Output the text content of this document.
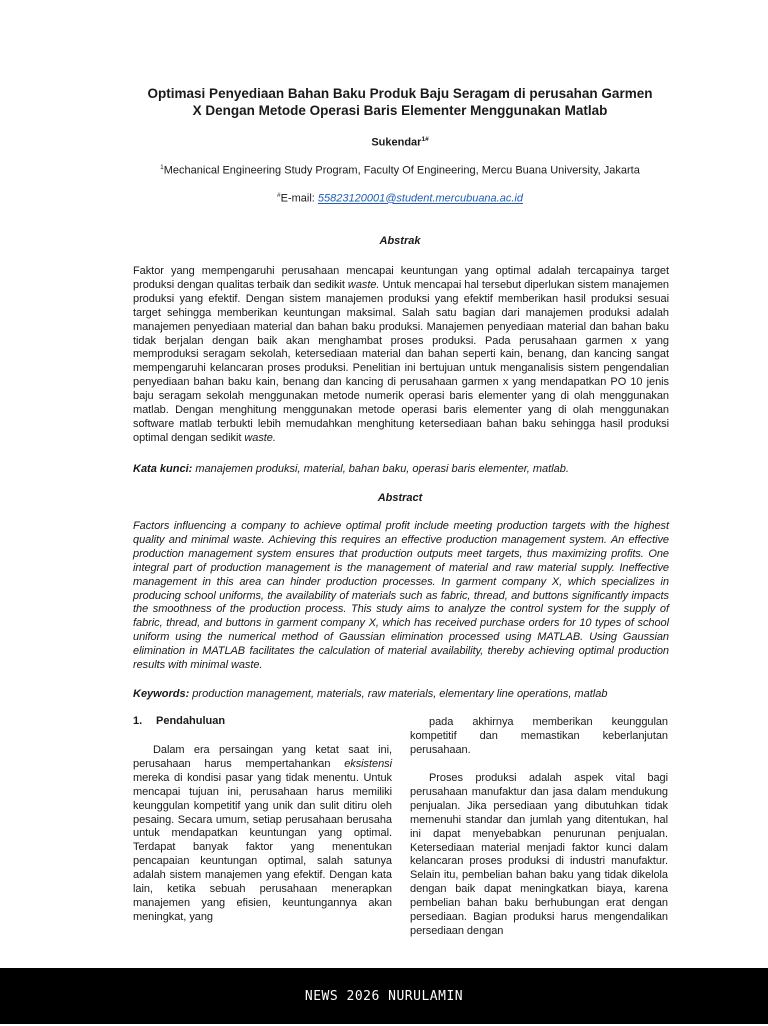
Optimasi Penyediaan Bahan Baku Produk Baju Seragam di perusahan Garmen
X Dengan Metode Operasi Baris Elementer Menggunakan Matlab
Sukendar$^{1\#}$
$^1$Mechanical Engineering Study Program, Faculty Of Engineering, Mercu Buana University, Jakarta
#E-mail: 55823120001@student.mercubuana.ac.id
Abstrak
Faktor yang mempengaruhi perusahaan mencapai keuntungan yang optimal adalah tercapainya target produksi dengan qualitas terbaik dan sedikit waste. Untuk mencapai hal tersebut diperlukan sistem manajemen produksi yang efektif. Dengan sistem manajemen produksi yang efektif memberikan hasil produksi sesuai target sehingga memberikan keuntungan maksimal. Salah satu bagian dari manajemen produksi adalah manajemen penyediaan material dan bahan baku produksi. Manajemen penyediaan material dan bahan baku tidak berjalan dengan baik akan menghambat proses produksi. Pada perusahaan garmen x yang memproduksi seragam sekolah, ketersediaan material dan bahan seperti kain, benang, dan kancing sangat mempengaruhi kelancaran proses produksi. Penelitian ini bertujuan untuk menganalisis sistem pengendalian penyediaan bahan baku kain, benang dan kancing di perusahaan garmen x yang mendapatkan PO 10 jenis baju seragam sekolah menggunakan metode numerik operasi baris elementer yang di olah menggunakan matlab. Dengan menghitung menggunakan metode operasi baris elementer yang di olah menggunakan software matlab terbukti lebih memudahkan menghitung ketersediaan bahan baku sehingga hasil produksi optimal dengan sedikit waste.
Kata kunci: manajemen produksi, material, bahan baku, operasi baris elementer, matlab.
Abstract
Factors influencing a company to achieve optimal profit include meeting production targets with the highest quality and minimal waste. Achieving this requires an effective production management system. An effective production management system ensures that production outputs meet targets, thus maximizing profits. One integral part of production management is the management of material and raw material supply. Ineffective management in this area can hinder production processes. In garment company X, which specializes in producing school uniforms, the availability of materials such as fabric, thread, and buttons significantly impacts the smoothness of the production process. This study aims to analyze the control system for the supply of fabric, thread, and buttons in garment company X, which has received purchase orders for 10 types of school uniform using the numerical method of Gaussian elimination processed using MATLAB. Using Gaussian elimination in MATLAB facilitates the calculation of material availability, thereby achieving optimal production results with minimal waste.
Keywords: production management, materials, raw materials, elementary line operations, matlab
1. Pendahuluan
Dalam era persaingan yang ketat saat ini, perusahaan harus mempertahankan eksistensi mereka di kondisi pasar yang tidak menentu. Untuk mencapai tujuan ini, perusahaan harus memiliki keunggulan kompetitif yang unik dan sulit ditiru oleh pesaing. Secara umum, setiap perusahaan berusaha untuk mendapatkan keuntungan yang optimal. Terdapat banyak faktor yang menentukan pencapaian keuntungan optimal, salah satunya adalah sistem manajemen yang efektif. Dengan kata lain, ketika sebuah perusahaan menerapkan manajemen yang efisien, keuntungannya akan meningkat, yang
pada akhirnya memberikan keunggulan kompetitif dan memastikan keberlanjutan perusahaan.
Proses produksi adalah aspek vital bagi perusahaan manufaktur dan jasa dalam mendukung penjualan. Jika persediaan yang dibutuhkan tidak memenuhi standar dan jumlah yang ditentukan, hal ini dapat menyebabkan penurunan penjualan. Ketersediaan material menjadi faktor kunci dalam kelancaran proses produksi di industri manufaktur. Selain itu, pembelian bahan baku yang tidak dikelola dengan baik dapat meningkatkan biaya, karena pembelian bahan baku berhubungan erat dengan persediaan. Bagian produksi harus mengendalikan persediaan dengan
NEWS 2026 NURULAMIN
